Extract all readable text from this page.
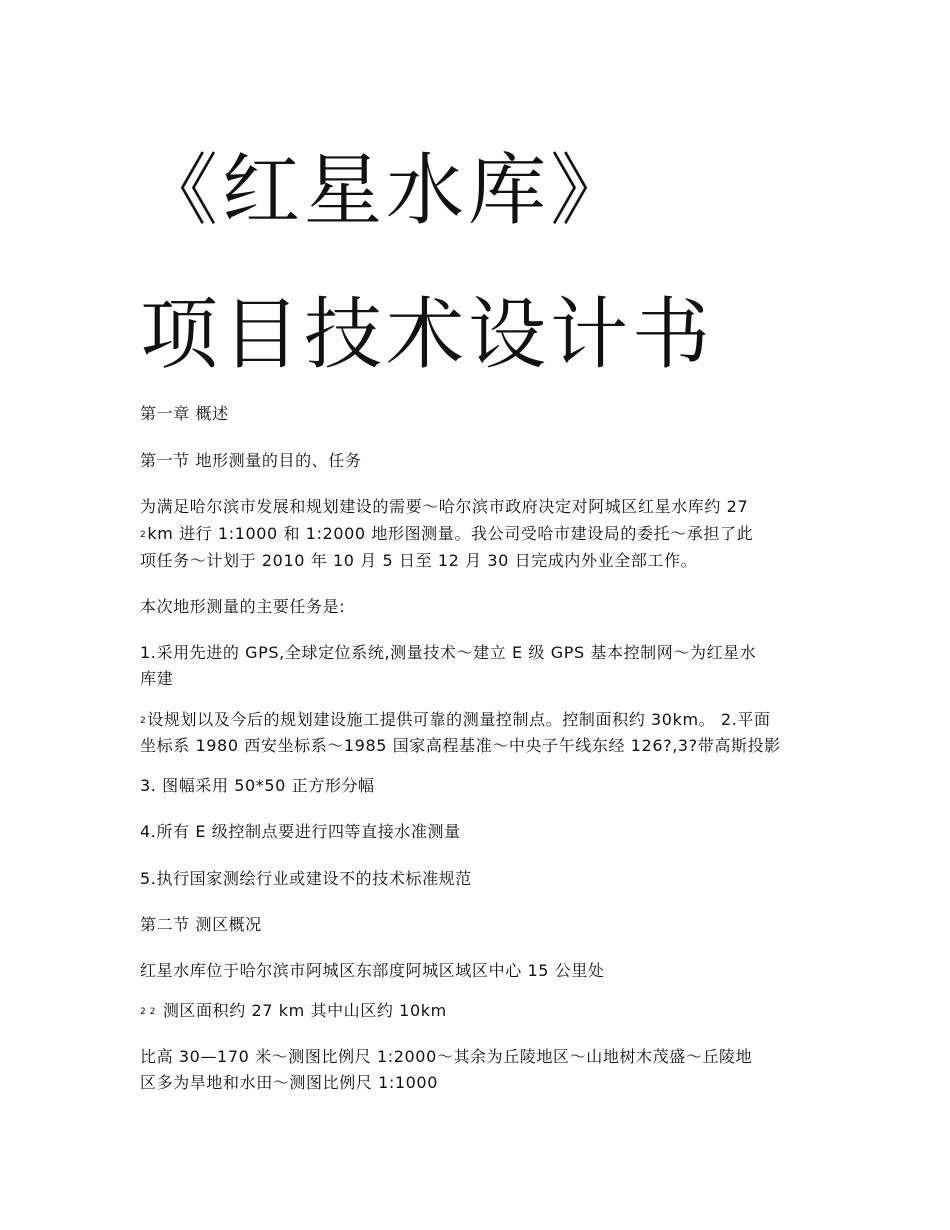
《红星水库》
项目技术设计书
第一章 概述
第一节 地形测量的目的、任务
为满足哈尔滨市发展和规划建设的需要～哈尔滨市政府决定对阿城区红星水库约 27
$^2$km 进行 1:1000 和 1:2000 地形图测量。我公司受哈市建设局的委托～承担了此
项任务～计划于 2010 年 10 月 5 日至 12 月 30 日完成内外业全部工作。
本次地形测量的主要任务是:
1.采用先进的 GPS,全球定位系统,测量技术～建立 E 级 GPS 基本控制网～为红星水
库建
$^2$设规划以及今后的规划建设施工提供可靠的测量控制点。控制面积约 30km。 2.平面
坐标系 1980 西安坐标系～1985 国家高程基准～中央子午线东经 126?,3?带高斯投影
3. 图幅采用 50*50 正方形分幅
4.所有 E 级控制点要进行四等直接水准测量
5.执行国家测绘行业或建设不的技术标准规范
第二节 测区概况
红星水库位于哈尔滨市阿城区东部度阿城区域区中心 15 公里处
$^{2 2}$ 测区面积约 27 km 其中山区约 10km
比高 30—170 米～测图比例尺 1:2000～其余为丘陵地区～山地树木茂盛～丘陵地
区多为旱地和水田～测图比例尺 1:1000
